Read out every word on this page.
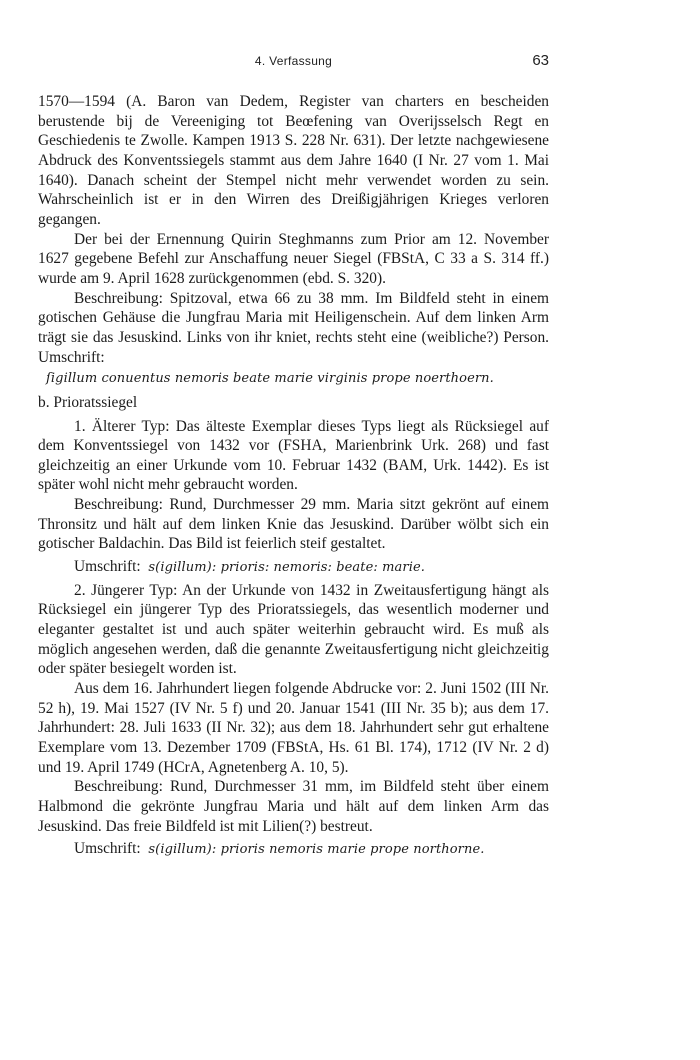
4. Verfassung	63

1570—1594 (A. Baron van Dedem, Register van charters en bescheiden berustende bij de Vereeniging tot Beœfening van Overijsselsch Regt en Geschiedenis te Zwolle. Kampen 1913 S. 228 Nr. 631). Der letzte nachgewiesene Abdruck des Konventssiegels stammt aus dem Jahre 1640 (I Nr. 27 vom 1. Mai 1640). Danach scheint der Stempel nicht mehr verwendet worden zu sein. Wahrscheinlich ist er in den Wirren des Dreißigjährigen Krieges verloren gegangen.

Der bei der Ernennung Quirin Steghmanns zum Prior am 12. November 1627 gegebene Befehl zur Anschaffung neuer Siegel (FBStA, C 33 a S. 314 ff.) wurde am 9. April 1628 zurückgenommen (ebd. S. 320).

Beschreibung: Spitzoval, etwa 66 zu 38 mm. Im Bildfeld steht in einem gotischen Gehäuse die Jungfrau Maria mit Heiligenschein. Auf dem linken Arm trägt sie das Jesuskind. Links von ihr kniet, rechts steht eine (weibliche?) Person. Umschrift:

ſigillum conuentus nemoris beate marie virginis prope noerthoern.

b. Prioratssiegel

1. Älterer Typ: Das älteste Exemplar dieses Typs liegt als Rücksiegel auf dem Konventssiegel von 1432 vor (FSHA, Marienbrink Urk. 268) und fast gleichzeitig an einer Urkunde vom 10. Februar 1432 (BAM, Urk. 1442). Es ist später wohl nicht mehr gebraucht worden.

Beschreibung: Rund, Durchmesser 29 mm. Maria sitzt gekrönt auf einem Thronsitz und hält auf dem linken Knie das Jesuskind. Darüber wölbt sich ein gotischer Baldachin. Das Bild ist feierlich steif gestaltet.

Umschrift: s(igillum): prioris: nemoris: beate: marie.

2. Jüngerer Typ: An der Urkunde von 1432 in Zweitausfertigung hängt als Rücksiegel ein jüngerer Typ des Prioratssiegels, das wesentlich moderner und eleganter gestaltet ist und auch später weiterhin gebraucht wird. Es muß als möglich angesehen werden, daß die genannte Zweitausfertigung nicht gleichzeitig oder später besiegelt worden ist.

Aus dem 16. Jahrhundert liegen folgende Abdrucke vor: 2. Juni 1502 (III Nr. 52 h), 19. Mai 1527 (IV Nr. 5 f) und 20. Januar 1541 (III Nr. 35 b); aus dem 17. Jahrhundert: 28. Juli 1633 (II Nr. 32); aus dem 18. Jahrhundert sehr gut erhaltene Exemplare vom 13. Dezember 1709 (FBStA, Hs. 61 Bl. 174), 1712 (IV Nr. 2 d) und 19. April 1749 (HCrA, Agnetenberg A. 10, 5).

Beschreibung: Rund, Durchmesser 31 mm, im Bildfeld steht über einem Halbmond die gekrönte Jungfrau Maria und hält auf dem linken Arm das Jesuskind. Das freie Bildfeld ist mit Lilien(?) bestreut.

Umschrift: s(igillum): prioris nemoris marie prope northorne.
